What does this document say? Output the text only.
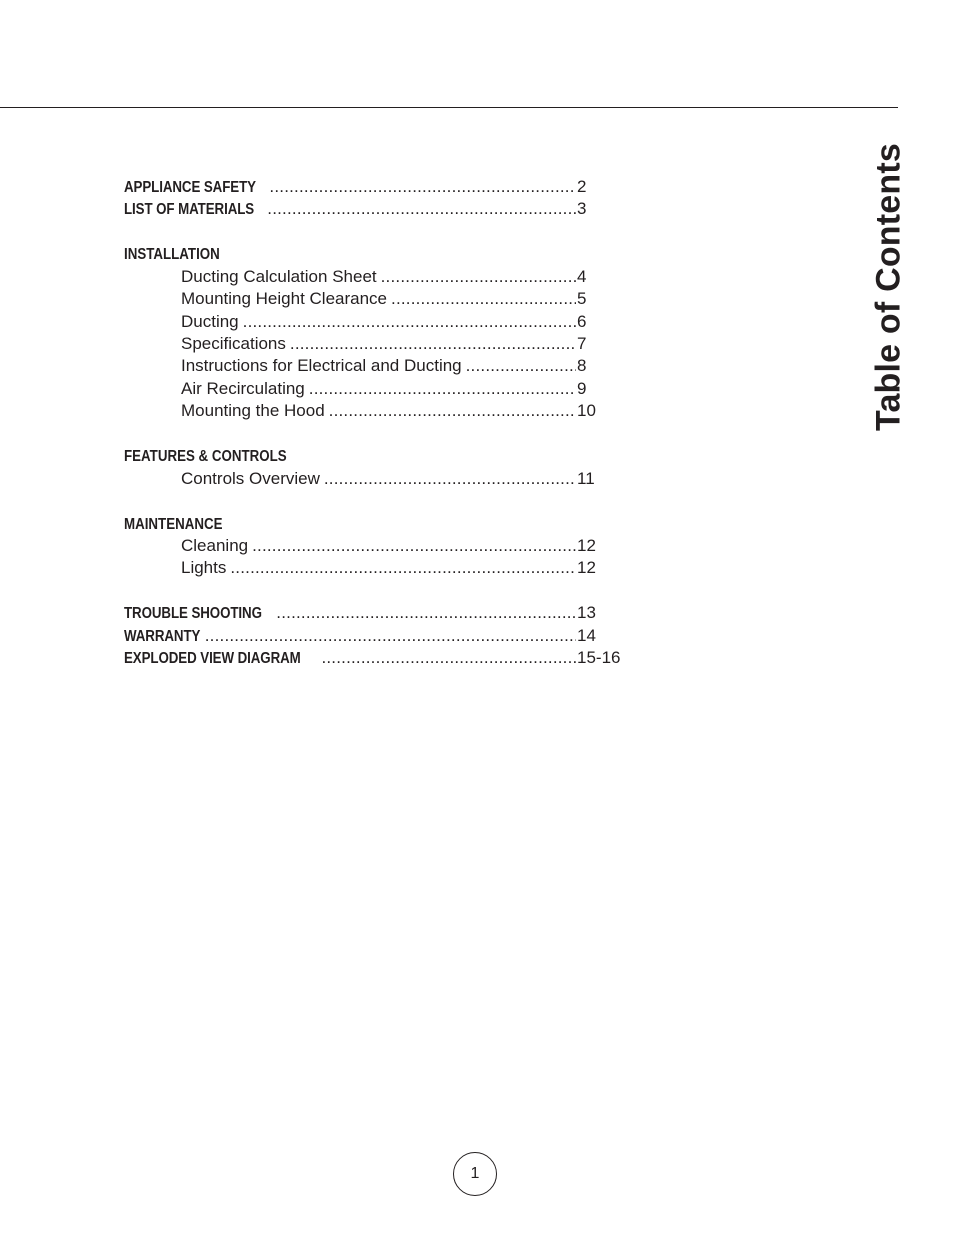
Table of Contents
APPLIANCE SAFETY .....	2
LIST OF MATERIALS .....	3
INSTALLATION
Ducting Calculation Sheet .....	4
Mounting Height Clearance .....	5
Ducting .....	6
Specifications .....	7
Instructions for Electrical and Ducting .....	8
Air Recirculating .....	9
Mounting the Hood .....	10
FEATURES & CONTROLS
Controls Overview .....	11
MAINTENANCE
Cleaning .....	12
Lights .....	12
TROUBLE SHOOTING .....	13
WARRANTY .....	14
EXPLODED VIEW DIAGRAM .....	15-16
1
